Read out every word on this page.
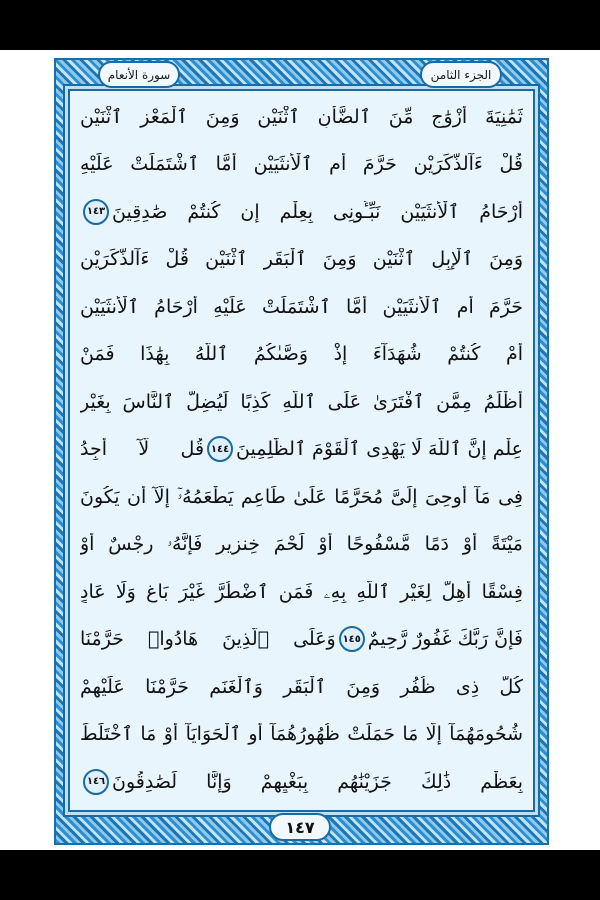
سورة الأنعام	الجزء الثامن
ثَمَٰنِيَةَ أَزْوَٰجٍ مِّنَ ٱلضَّأْنِ ٱثْنَيْنِ وَمِنَ ٱلْمَعْزِ ٱثْنَيْنِ
قُلْ ءَآلذَّكَرَيْنِ حَرَّمَ أَمِ ٱلْأُنثَيَيْنِ أَمَّا ٱشْتَمَلَتْ عَلَيْهِ
أَرْحَامُ ٱلْأُنثَيَيْنِ نَبِّـُٔونِى بِعِلْمٍ إِن كُنتُمْ صَٰدِقِينَ
١٤٣
وَمِنَ ٱلْإِبِلِ ٱثْنَيْنِ وَمِنَ ٱلْبَقَرِ ٱثْنَيْنِ قُلْ ءَآلذَّكَرَيْنِ
حَرَّمَ أَمِ ٱلْأُنثَيَيْنِ أَمَّا ٱشْتَمَلَتْ عَلَيْهِ أَرْحَامُ ٱلْأُنثَيَيْنِ
أَمْ كُنتُمْ شُهَدَآءَ إِذْ وَصَّىٰكُمُ ٱللَّهُ بِهَٰذَا فَمَنْ
أَظْلَمُ مِمَّنِ ٱفْتَرَىٰ عَلَى ٱللَّهِ كَذِبًا لِّيُضِلَّ ٱلنَّاسَ بِغَيْرِ
عِلْمٍ إِنَّ ٱللَّهَ لَا يَهْدِى ٱلْقَوْمَ ٱلظَّٰلِمِينَ
١٤٤
قُل لَّآ أَجِدُ
فِى مَآ أُوحِىَ إِلَىَّ مُحَرَّمًا عَلَىٰ طَاعِمٍ يَطْعَمُهُۥٓ إِلَّآ أَن يَكُونَ
مَيْتَةً أَوْ دَمًا مَّسْفُوحًا أَوْ لَحْمَ خِنزِيرٍ فَإِنَّهُۥ رِجْسٌ أَوْ
فِسْقًا أُهِلَّ لِغَيْرِ ٱللَّهِ بِهِۦ فَمَنِ ٱضْطُرَّ غَيْرَ بَاغٍ وَلَا عَادٍ
فَإِنَّ رَبَّكَ غَفُورٌ رَّحِيمٌ
١٤٥
وَعَلَى ٱلَّذِينَ هَادُوا۟ حَرَّمْنَا
كُلَّ ذِى ظُفُرٍ وَمِنَ ٱلْبَقَرِ وَٱلْغَنَمِ حَرَّمْنَا عَلَيْهِمْ
شُحُومَهُمَآ إِلَّا مَا حَمَلَتْ ظُهُورُهُمَآ أَوِ ٱلْحَوَايَآ أَوْ مَا ٱخْتَلَطَ
بِعَظْمٍ ذَٰلِكَ جَزَيْنَٰهُم بِبَغْيِهِمْ وَإِنَّا لَصَٰدِقُونَ
١٤٦
١٤٧
